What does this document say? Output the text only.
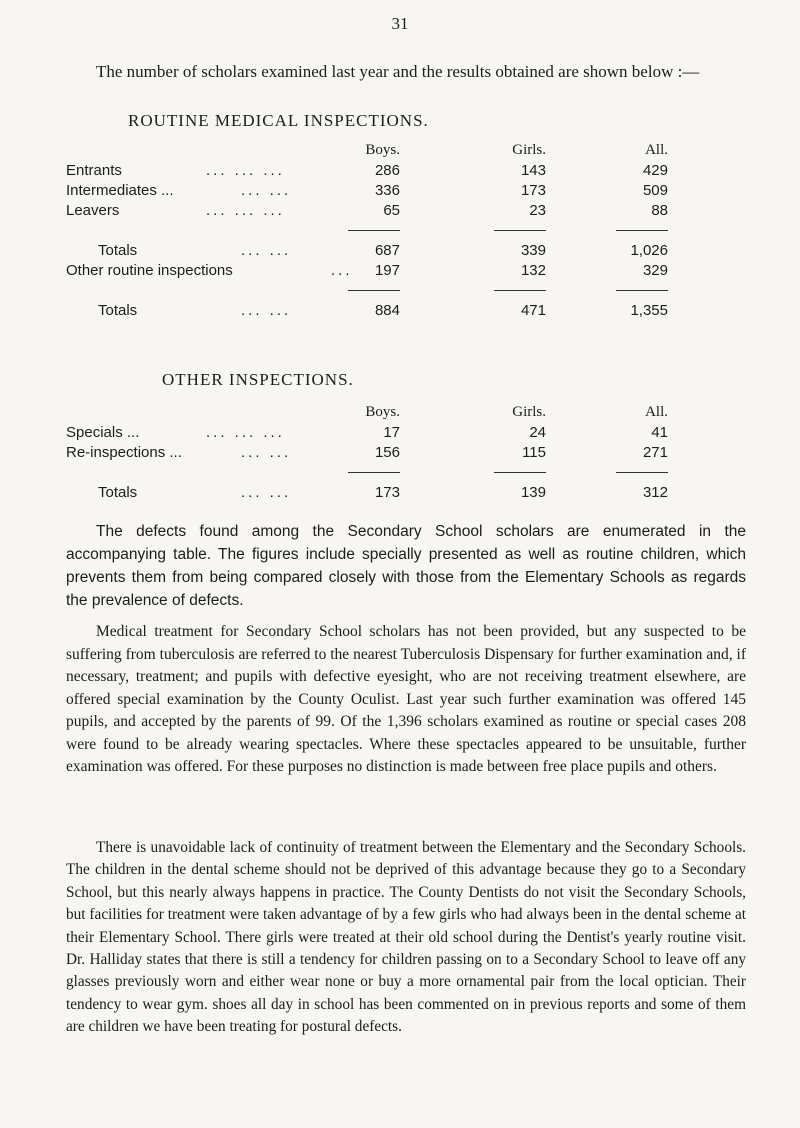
31
The number of scholars examined last year and the results obtained are shown below :—
ROUTINE MEDICAL INSPECTIONS.
Boys.	Girls.	All.
Entrants	... ... ...	286	143	429
Intermediates ...	... ...	336	173	509
Leavers	... ... ...	65	23	88
Totals	... ...	687	339	1,026
Other routine inspections	... 197	132	329
Totals	... ...	884	471	1,355
OTHER INSPECTIONS.
Boys.	Girls.	All.
Specials ...	... ... ...	17	24	41
Re-inspections ...	... ...	156	115	271
Totals	... ...	173	139	312
The defects found among the Secondary School scholars are enumerated in the accompanying table. The figures include specially presented as well as routine children, which prevents them from being compared closely with those from the Elementary Schools as regards the prevalence of defects.
Medical treatment for Secondary School scholars has not been provided, but any suspected to be suffering from tuberculosis are referred to the nearest Tuberculosis Dispensary for further examination and, if necessary, treatment; and pupils with defective eyesight, who are not receiving treatment elsewhere, are offered special examination by the County Oculist. Last year such further examination was offered 145 pupils, and accepted by the parents of 99. Of the 1,396 scholars examined as routine or special cases 208 were found to be already wearing spectacles. Where these spectacles appeared to be unsuitable, further examination was offered. For these purposes no distinction is made between free place pupils and others.
There is unavoidable lack of continuity of treatment between the Elementary and the Secondary Schools. The children in the dental scheme should not be deprived of this advantage because they go to a Secondary School, but this nearly always happens in practice. The County Dentists do not visit the Secondary Schools, but facilities for treatment were taken advantage of by a few girls who had always been in the dental scheme at their Elementary School. There girls were treated at their old school during the Dentist's yearly routine visit. Dr. Halliday states that there is still a tendency for children passing on to a Secondary School to leave off any glasses previously worn and either wear none or buy a more ornamental pair from the local optician. Their tendency to wear gym. shoes all day in school has been commented on in previous reports and some of them are children we have been treating for postural defects.
